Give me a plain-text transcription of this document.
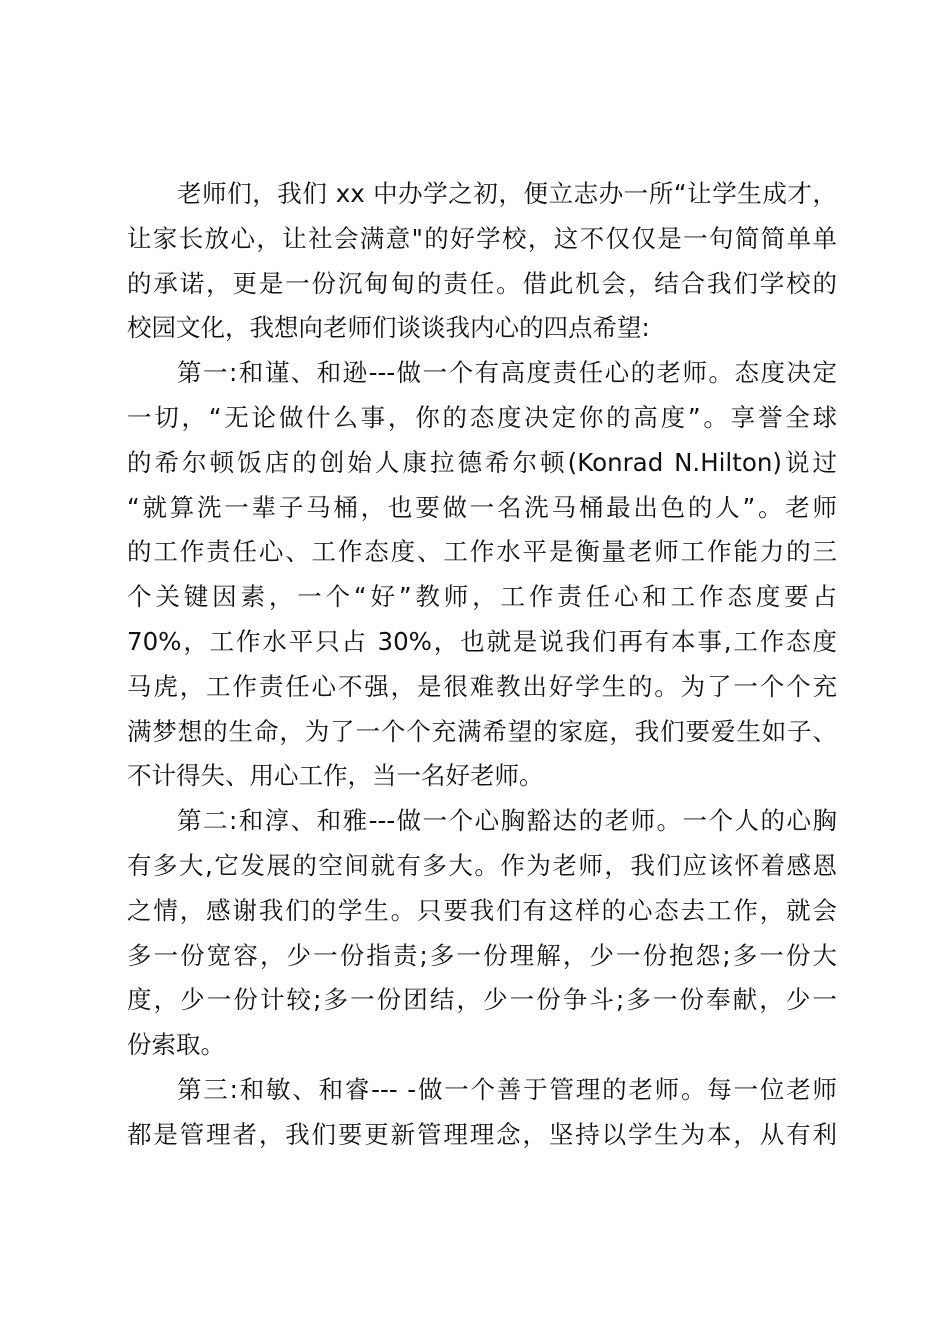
老师们，我们 xx 中办学之初，便立志办一所“让学生成才，
让家长放心，让社会满意"的好学校，这不仅仅是一句简简单单
的承诺，更是一份沉甸甸的责任。借此机会，结合我们学校的
校园文化，我想向老师们谈谈我内心的四点希望:
第一:和谨、和逊---做一个有高度责任心的老师。态度决定
一切，“无论做什么事，你的态度决定你的高度”。享誉全球
的希尔顿饭店的创始人康拉德希尔顿(Konrad N.Hilton)说过
“就算洗一辈子马桶，也要做一名洗马桶最出色的人”。老师
的工作责任心、工作态度、工作水平是衡量老师工作能力的三
个关键因素，一个“好”教师，工作责任心和工作态度要占
70%，工作水平只占 30%，也就是说我们再有本事,工作态度
马虎，工作责任心不强，是很难教出好学生的。为了一个个充
满梦想的生命，为了一个个充满希望的家庭，我们要爱生如子、
不计得失、用心工作，当一名好老师。
第二:和淳、和雅---做一个心胸豁达的老师。一个人的心胸
有多大,它发展的空间就有多大。作为老师，我们应该怀着感恩
之情，感谢我们的学生。只要我们有这样的心态去工作，就会
多一份宽容，少一份指责;多一份理解，少一份抱怨;多一份大
度，少一份计较;多一份团结，少一份争斗;多一份奉献，少一
份索取。
第三:和敏、和睿--- -做一个善于管理的老师。每一位老师
都是管理者，我们要更新管理理念，坚持以学生为本，从有利
